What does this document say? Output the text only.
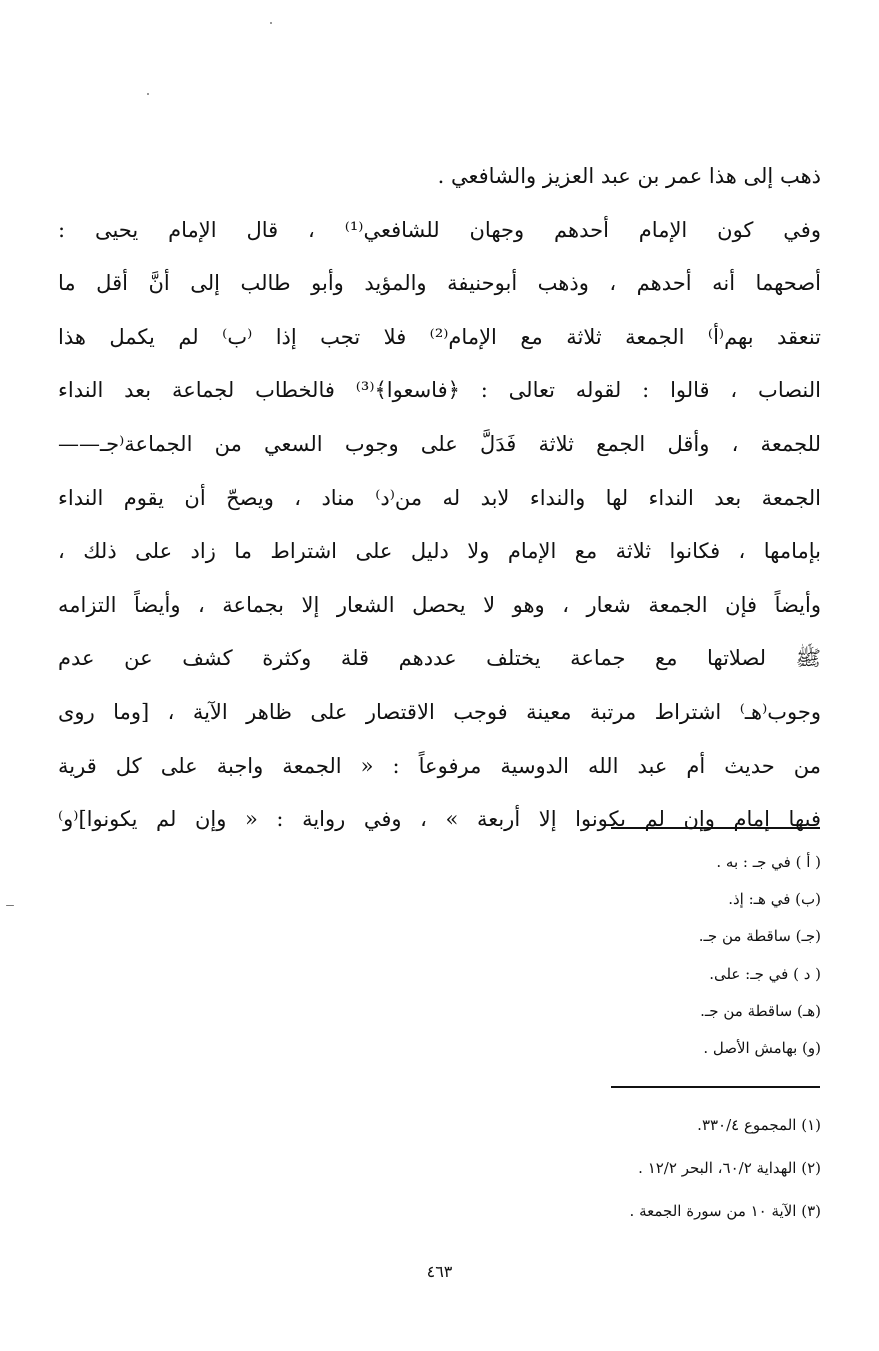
ذهب إلى هذا عمر بن عبد العزيز والشافعي .
وفي كون الإمام أحدهم وجهان للشافعي⁽¹⁾ ، قال الإمام يحيى :
أصحهما أنه أحدهم ، وذهب أبوحنيفة والمؤيد وأبو طالب إلى أنَّ أقل ما
تنعقد بهم⁽أ⁾ الجمعة ثلاثة مع الإمام⁽²⁾ فلا تجب إذا ⁽ب⁾ لم يكمل هذا
النصاب ، قالوا : لقوله تعالى : ﴿فاسعوا﴾⁽³⁾ فالخطاب لجماعة بعد النداء
للجمعة ، وأقل الجمع ثلاثة فَدَلَّ على وجوب السعي من الجماعة⁽جـ——
الجمعة بعد النداء لها والنداء لابد له من⁽د⁾ مناد ، ويصحّ أن يقوم النداء
بإمامها ، فكانوا ثلاثة مع الإمام ولا دليل على اشتراط ما زاد على ذلك ،
وأيضاً فإن الجمعة شعار ، وهو لا يحصل الشعار إلا بجماعة ، وأيضاً التزامه
ﷺ لصلاتها مع جماعة يختلف عددهم قلة وكثرة كشف عن عدم
وجوب⁽هـ⁾ اشتراط مرتبة معينة فوجب الاقتصار على ظاهر الآية ، [وما روى
من حديث أم عبد الله الدوسية مرفوعاً : « الجمعة واجبة على كل قرية
فيها إمام وإن لم يكونوا إلا أربعة » ، وفي رواية : « وإن لم يكونوا]⁽و⁾
( أ ) في جـ : به .
(ب) في هـ: إذ.
(جـ) ساقطة من جـ.
( د ) في جـ: على.
(هـ) ساقطة من جـ.
(و) بهامش الأصل .
(١) المجموع ٣٣٠/٤.
(٢) الهداية ٦٠/٢، البحر ١٢/٢ .
(٣) الآية ١٠ من سورة الجمعة .
٤٦٣
